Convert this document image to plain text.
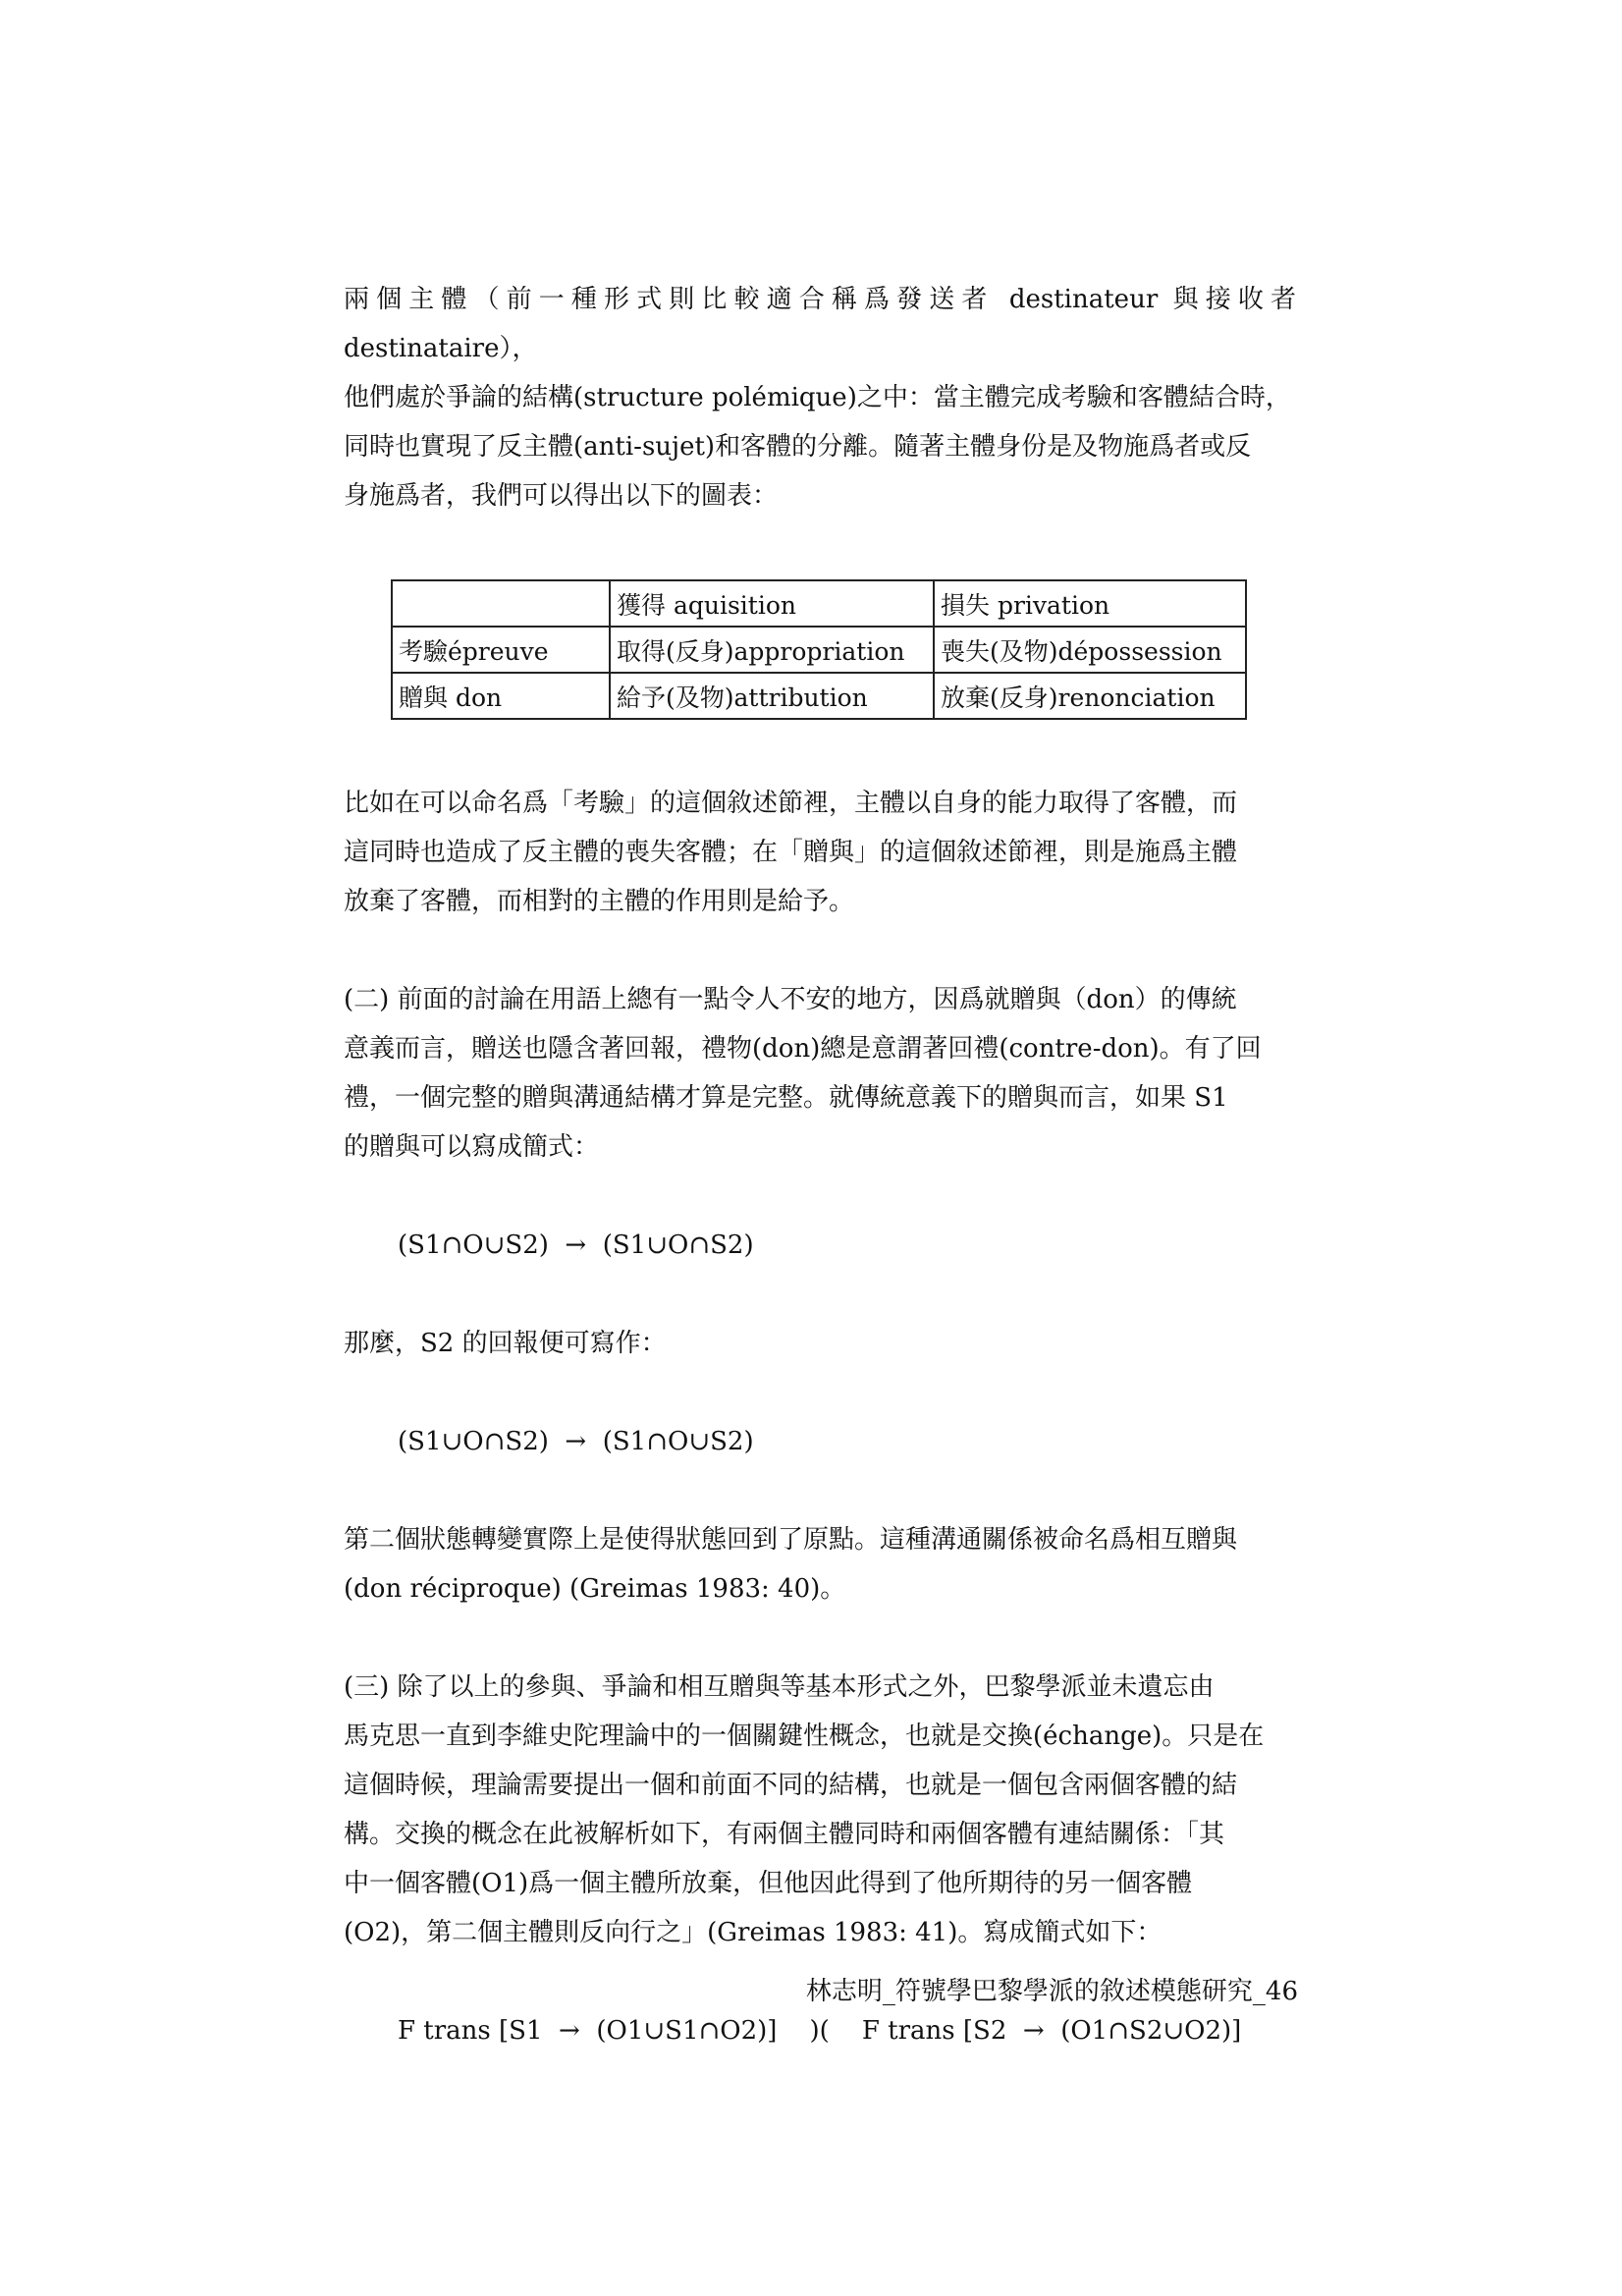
兩個主體（前一種形式則比較適合稱爲發送者 destinateur 與接收者 destinataire），

他們處於爭論的結構(structure polémique)之中：當主體完成考驗和客體結合時，

同時也實現了反主體(anti-sujet)和客體的分離。隨著主體身份是及物施爲者或反

身施爲者，我們可以得出以下的圖表：

	獲得 aquisition	損失 privation
考驗épreuve	取得(反身)appropriation	喪失(及物)dépossession
贈與 don	給予(及物)attribution	放棄(反身)renonciation

比如在可以命名爲「考驗」的這個敘述節裡，主體以自身的能力取得了客體，而

這同時也造成了反主體的喪失客體；在「贈與」的這個敘述節裡，則是施爲主體

放棄了客體，而相對的主體的作用則是給予。

(二) 前面的討論在用語上總有一點令人不安的地方，因爲就贈與（don）的傳統

意義而言，贈送也隱含著回報，禮物(don)總是意謂著回禮(contre-don)。有了回

禮，一個完整的贈與溝通結構才算是完整。就傳統意義下的贈與而言，如果 S1

的贈與可以寫成簡式：

(S1∩O∪S2)  →  (S1∪O∩S2)

那麼，S2 的回報便可寫作：

(S1∪O∩S2)  →  (S1∩O∪S2)

第二個狀態轉變實際上是使得狀態回到了原點。這種溝通關係被命名爲相互贈與

(don réciproque) (Greimas 1983: 40)。

(三) 除了以上的參與、爭論和相互贈與等基本形式之外，巴黎學派並未遺忘由

馬克思一直到李維史陀理論中的一個關鍵性概念，也就是交換(échange)。只是在

這個時候，理論需要提出一個和前面不同的結構，也就是一個包含兩個客體的結

構。交換的概念在此被解析如下，有兩個主體同時和兩個客體有連結關係：「其

中一個客體(O1)爲一個主體所放棄，但他因此得到了他所期待的另一個客體

(O2)，第二個主體則反向行之」(Greimas 1983: 41)。寫成簡式如下：

F trans [S1  →  (O1∪S1∩O2)]    )(    F trans [S2  →  (O1∩S2∪O2)]

林志明_符號學巴黎學派的敘述模態研究_46
